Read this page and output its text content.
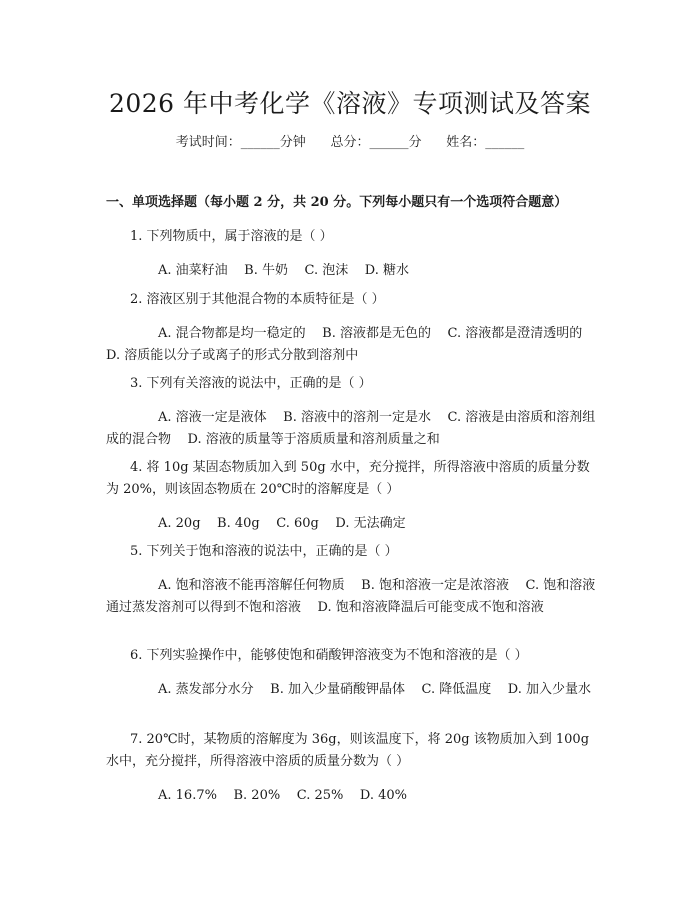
2026 年中考化学《溶液》专项测试及答案
考试时间：______分钟      总分：______分      姓名：______
一、单项选择题（每小题 2 分，共 20 分。下列每小题只有一个选项符合题意）
1. 下列物质中，属于溶液的是（ ）
A. 油菜籽油    B. 牛奶    C. 泡沫    D. 糖水
2. 溶液区别于其他混合物的本质特征是（ ）
A. 混合物都是均一稳定的    B. 溶液都是无色的    C. 溶液都是澄清透明的    D. 溶质能以分子或离子的形式分散到溶剂中
3. 下列有关溶液的说法中，正确的是（ ）
A. 溶液一定是液体    B. 溶液中的溶剂一定是水    C. 溶液是由溶质和溶剂组成的混合物    D. 溶液的质量等于溶质质量和溶剂质量之和
4. 将 10g 某固态物质加入到 50g 水中，充分搅拌，所得溶液中溶质的质量分数为 20%，则该固态物质在 20℃时的溶解度是（ ）
A. 20g    B. 40g    C. 60g    D. 无法确定
5. 下列关于饱和溶液的说法中，正确的是（ ）
A. 饱和溶液不能再溶解任何物质    B. 饱和溶液一定是浓溶液    C. 饱和溶液通过蒸发溶剂可以得到不饱和溶液    D. 饱和溶液降温后可能变成不饱和溶液
6. 下列实验操作中，能够使饱和硝酸钾溶液变为不饱和溶液的是（ ）
A. 蒸发部分水分    B. 加入少量硝酸钾晶体    C. 降低温度    D. 加入少量水
7. 20℃时，某物质的溶解度为 36g，则该温度下，将 20g 该物质加入到 100g 水中，充分搅拌，所得溶液中溶质的质量分数为（ ）
A. 16.7%    B. 20%    C. 25%    D. 40%
